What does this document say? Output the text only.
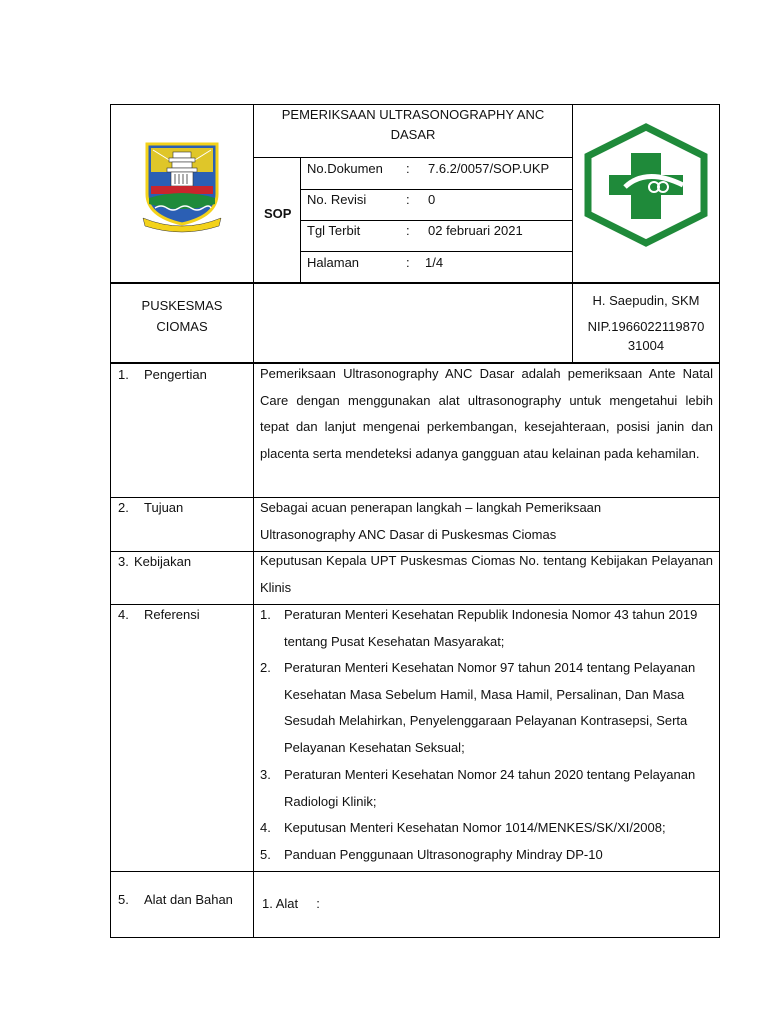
PEMERIKSAAN ULTRASONOGRAPHY ANC
DASAR
SOP
No.Dokumen : 7.6.2/0057/SOP.UKP
No. Revisi	: 0
Tgl Terbit	: 02 februari 2021
Halaman	: 1/4
PUSKESMAS
CIOMAS
H. Saepudin, SKM
NIP.1966022119870
31004
1. Pengertian	Pemeriksaan Ultrasonography ANC Dasar adalah pemeriksaan Ante Natal Care dengan menggunakan alat ultrasonography untuk mengetahui lebih tepat dan lanjut mengenai perkembangan, kesejahteraan, posisi janin dan placenta serta mendeteksi adanya gangguan atau kelainan pada kehamilan.
2. Tujuan	Sebagai acuan penerapan langkah – langkah Pemeriksaan
Ultrasonography ANC Dasar di Puskesmas Ciomas
3. Kebijakan	Keputusan Kepala UPT Puskesmas Ciomas No. tentang Kebijakan Pelayanan Klinis
4. Referensi	1. Peraturan Menteri Kesehatan Republik Indonesia Nomor 43 tahun 2019 tentang Pusat Kesehatan Masyarakat;
2. Peraturan Menteri Kesehatan Nomor 97 tahun 2014 tentang Pelayanan Kesehatan Masa Sebelum Hamil, Masa Hamil, Persalinan, Dan Masa Sesudah Melahirkan, Penyelenggaraan Pelayanan Kontrasepsi, Serta Pelayanan Kesehatan Seksual;
3. Peraturan Menteri Kesehatan Nomor 24 tahun 2020 tentang Pelayanan Radiologi Klinik;
4. Keputusan Menteri Kesehatan Nomor 1014/MENKES/SK/XI/2008;
5. Panduan Penggunaan Ultrasonography Mindray DP-10
5. Alat dan Bahan 1. Alat     :
